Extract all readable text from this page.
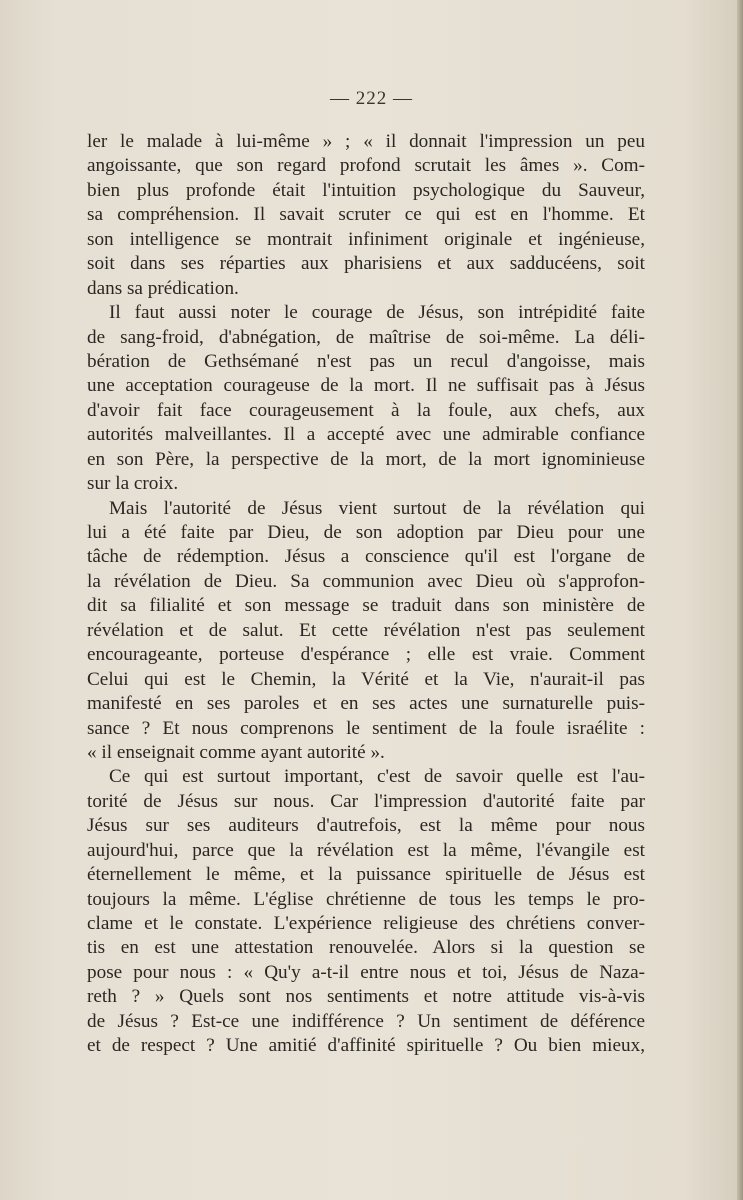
— 222 —
ler le malade à lui-même » ; « il donnait l'impression un peu
angoissante, que son regard profond scrutait les âmes ». Com-
bien plus profonde était l'intuition psychologique du Sauveur,
sa compréhension. Il savait scruter ce qui est en l'homme. Et
son intelligence se montrait infiniment originale et ingénieuse,
soit dans ses réparties aux pharisiens et aux sadducéens, soit
dans sa prédication.
Il faut aussi noter le courage de Jésus, son intrépidité faite
de sang-froid, d'abnégation, de maîtrise de soi-même. La déli-
bération de Gethsémané n'est pas un recul d'angoisse, mais
une acceptation courageuse de la mort. Il ne suffisait pas à Jésus
d'avoir fait face courageusement à la foule, aux chefs, aux
autorités malveillantes. Il a accepté avec une admirable confiance
en son Père, la perspective de la mort, de la mort ignominieuse
sur la croix.
Mais l'autorité de Jésus vient surtout de la révélation qui
lui a été faite par Dieu, de son adoption par Dieu pour une
tâche de rédemption. Jésus a conscience qu'il est l'organe de
la révélation de Dieu. Sa communion avec Dieu où s'approfon-
dit sa filialité et son message se traduit dans son ministère de
révélation et de salut. Et cette révélation n'est pas seulement
encourageante, porteuse d'espérance ; elle est vraie. Comment
Celui qui est le Chemin, la Vérité et la Vie, n'aurait-il pas
manifesté en ses paroles et en ses actes une surnaturelle puis-
sance ? Et nous comprenons le sentiment de la foule israélite :
« il enseignait comme ayant autorité ».
Ce qui est surtout important, c'est de savoir quelle est l'au-
torité de Jésus sur nous. Car l'impression d'autorité faite par
Jésus sur ses auditeurs d'autrefois, est la même pour nous
aujourd'hui, parce que la révélation est la même, l'évangile est
éternellement le même, et la puissance spirituelle de Jésus est
toujours la même. L'église chrétienne de tous les temps le pro-
clame et le constate. L'expérience religieuse des chrétiens conver-
tis en est une attestation renouvelée. Alors si la question se
pose pour nous : « Qu'y a-t-il entre nous et toi, Jésus de Naza-
reth ? » Quels sont nos sentiments et notre attitude vis-à-vis
de Jésus ? Est-ce une indifférence ? Un sentiment de déférence
et de respect ? Une amitié d'affinité spirituelle ? Ou bien mieux,
